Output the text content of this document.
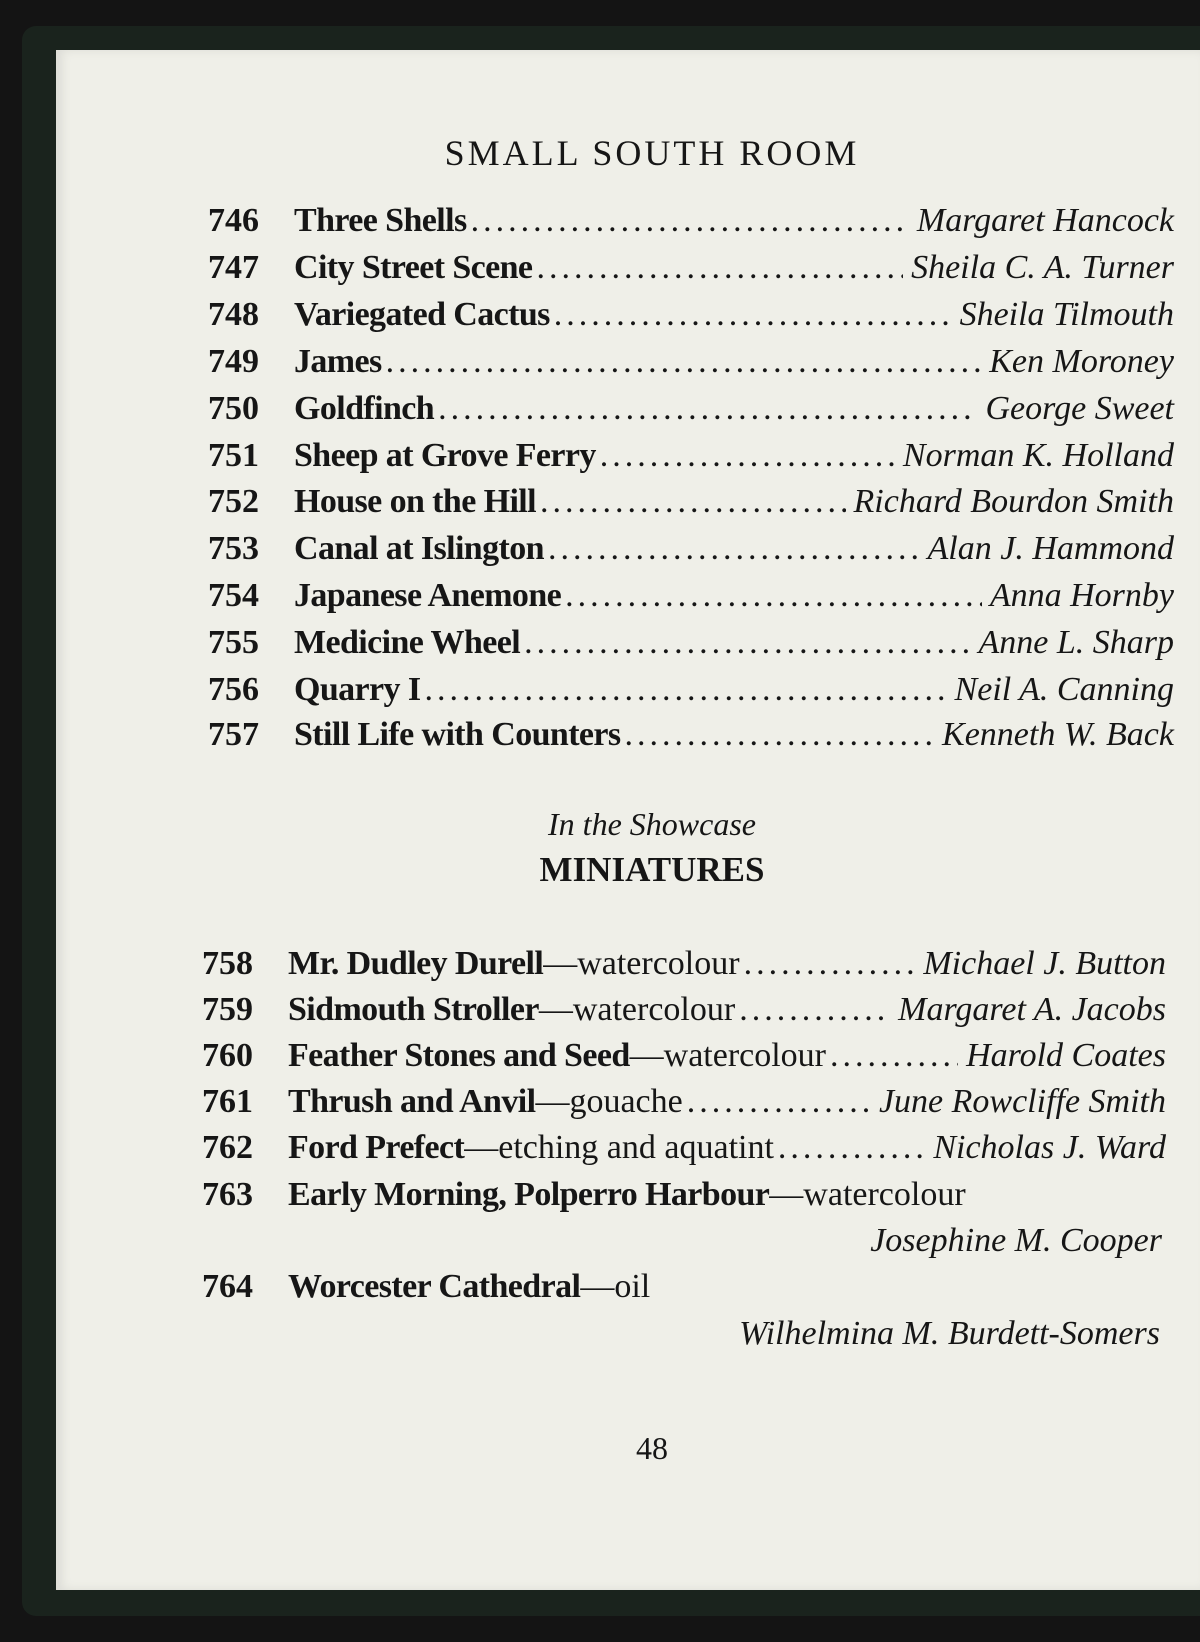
SMALL SOUTH ROOM
746	Three Shells .....	Margaret Hancock
747	City Street Scene .....	Sheila C. A. Turner
748	Variegated Cactus .....	Sheila Tilmouth
749	James .....	Ken Moroney
750	Goldfinch .....	George Sweet
751	Sheep at Grove Ferry .....	Norman K. Holland
752	House on the Hill .....	Richard Bourdon Smith
753	Canal at Islington .....	Alan J. Hammond
754	Japanese Anemone .....	Anna Hornby
755	Medicine Wheel .....	Anne L. Sharp
756	Quarry I .....	Neil A. Canning
757	Still Life with Counters .....	Kenneth W. Back
In the Showcase
MINIATURES
758	Mr. Dudley Durell —watercolour .....	Michael J. Button
759	Sidmouth Stroller —watercolour .....	Margaret A. Jacobs
760	Feather Stones and Seed —watercolour .....	Harold Coates
761	Thrush and Anvil —gouache .....	June Rowcliffe Smith
762	Ford Prefect —etching and aquatint .....	Nicholas J. Ward
763	Early Morning, Polperro Harbour —watercolour
Josephine M. Cooper
764	Worcester Cathedral —oil
Wilhelmina M. Burdett-Somers
48
